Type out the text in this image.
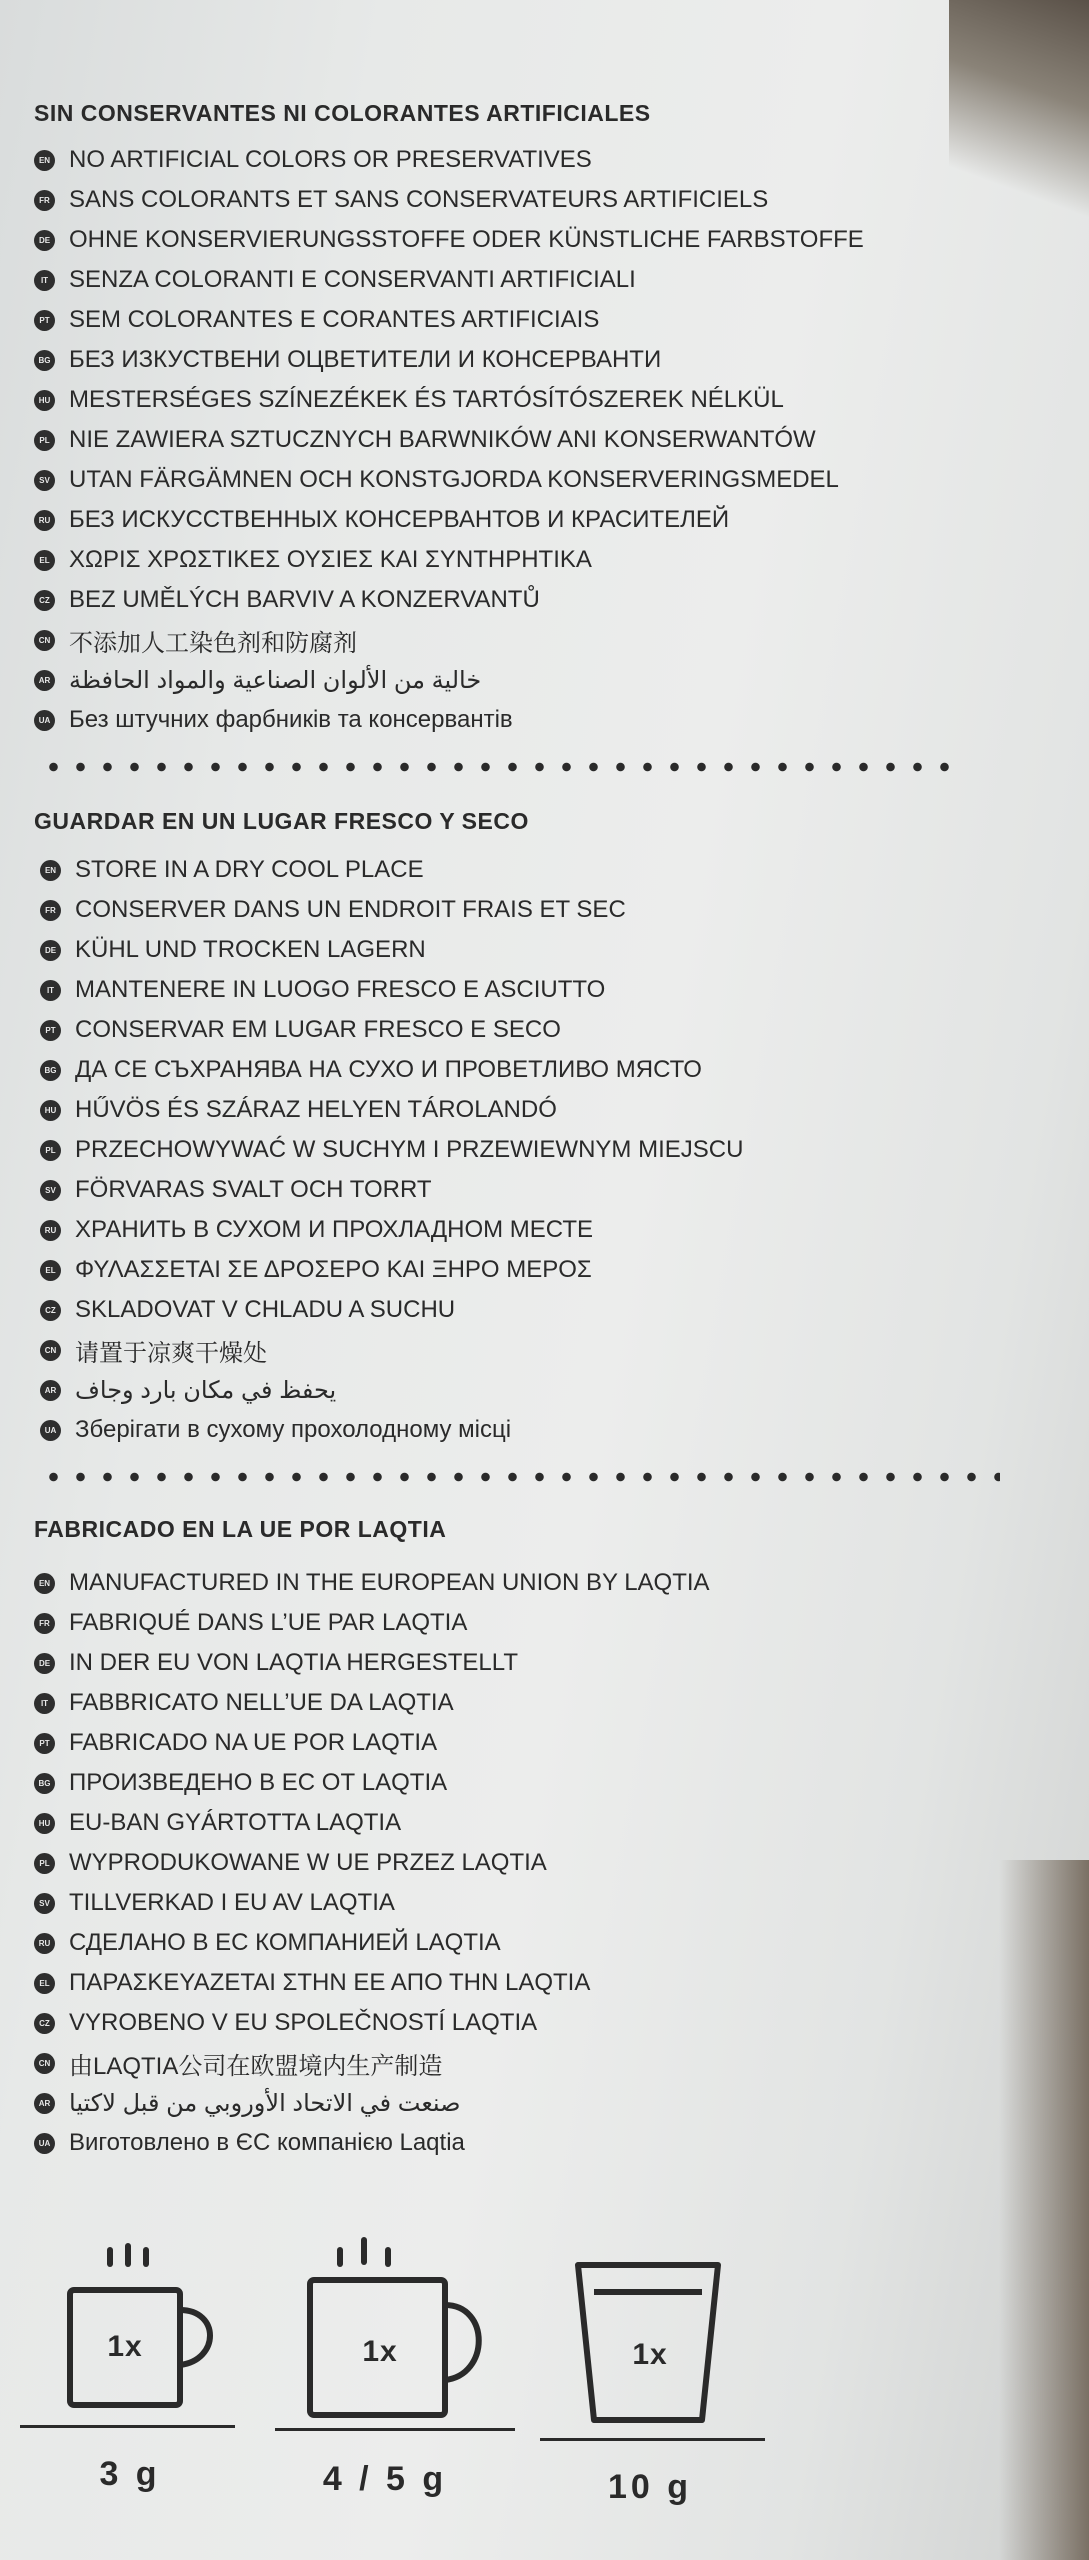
SIN CONSERVANTES NI COLORANTES ARTIFICIALES
EN NO ARTIFICIAL COLORS OR PRESERVATIVES
FR SANS COLORANTS ET SANS CONSERVATEURS ARTIFICIELS
DE OHNE KONSERVIERUNGSSTOFFE ODER KÜNSTLICHE FARBSTOFFE
IT SENZA COLORANTI E CONSERVANTI ARTIFICIALI
PT SEM COLORANTES E CORANTES ARTIFICIAIS
BG БЕЗ ИЗКУСТВЕНИ ОЦВЕТИТЕЛИ И КОНСЕРВАНТИ
HU MESTERSÉGES SZÍNEZÉKEK ÉS TARTÓSÍTÓSZEREK NÉLKÜL
PL NIE ZAWIERA SZTUCZNYCH BARWNIKÓW ANI KONSERWANTÓW
SV UTAN FÄRGÄMNEN OCH KONSTGJORDA KONSERVERINGSMEDEL
RU БЕЗ ИСКУССТВЕННЫХ КОНСЕРВАНТОВ И КРАСИТЕЛЕЙ
EL ΧΩΡΙΣ ΧΡΩΣΤΙΚΕΣ ΟΥΣΙΕΣ ΚΑΙ ΣΥΝΤΗΡΗΤΙΚΑ
CZ BEZ UMĚLÝCH BARVIV A KONZERVANTŮ
CN 不添加人工染色剂和防腐剂
AR خالية من الألوان الصناعية والمواد الحافظة
UA Без штучних фарбників та консервантів
GUARDAR EN UN LUGAR FRESCO Y SECO
EN STORE IN A DRY COOL PLACE
FR CONSERVER DANS UN ENDROIT FRAIS ET SEC
DE KÜHL UND TROCKEN LAGERN
IT MANTENERE IN LUOGO FRESCO E ASCIUTTO
PT CONSERVAR EM LUGAR FRESCO E SECO
BG ДА СЕ СЪХРАНЯВА НА СУХО И ПРОВЕТЛИВО МЯСТО
HU HŰVÖS ÉS SZÁRAZ HELYEN TÁROLANDÓ
PL PRZECHOWYWAĆ W SUCHYM I PRZEWIEWNYM MIEJSCU
SV FÖRVARAS SVALT OCH TORRT
RU ХРАНИТЬ В СУХОМ И ПРОХЛАДНОМ МЕСТЕ
EL ΦΥΛΑΣΣΕΤΑΙ ΣΕ ΔΡΟΣΕΡΟ ΚΑΙ ΞΗΡΟ ΜΕΡΟΣ
CZ SKLADOVAT V CHLADU A SUCHU
CN 请置于凉爽干燥处
AR يحفظ في مكان بارد وجاف
UA Зберігати в сухому прохолодному місці
FABRICADO EN LA UE POR LAQTIA
EN MANUFACTURED IN THE EUROPEAN UNION BY LAQTIA
FR FABRIQUÉ DANS L’UE PAR LAQTIA
DE IN DER EU VON LAQTIA HERGESTELLT
IT FABBRICATO NELL’UE DA LAQTIA
PT FABRICADO NA UE POR LAQTIA
BG ПРОИЗВЕДЕНО В ЕС ОТ LAQTIA
HU EU-BAN GYÁRTOTTA LAQTIA
PL WYPRODUKOWANE W UE PRZEZ LAQTIA
SV TILLVERKAD I EU AV LAQTIA
RU СДЕЛАНО В ЕС КОМПАНИЕЙ LAQTIA
EL ΠΑΡΑΣΚΕΥΑΖΕΤΑΙ ΣΤΗΝ ΕΕ ΑΠΟ ΤΗΝ LAQTIA
CZ VYROBENO V EU SPOLEČNOSTÍ LAQTIA
CN 由LAQTIA公司在欧盟境内生产制造
AR صنعت في الاتحاد الأوروبي من قبل لاكتيا
UA Виготовлено в ЄС компанією Laqtia
1x
3 g
1x
4 / 5 g
1x
10 g
